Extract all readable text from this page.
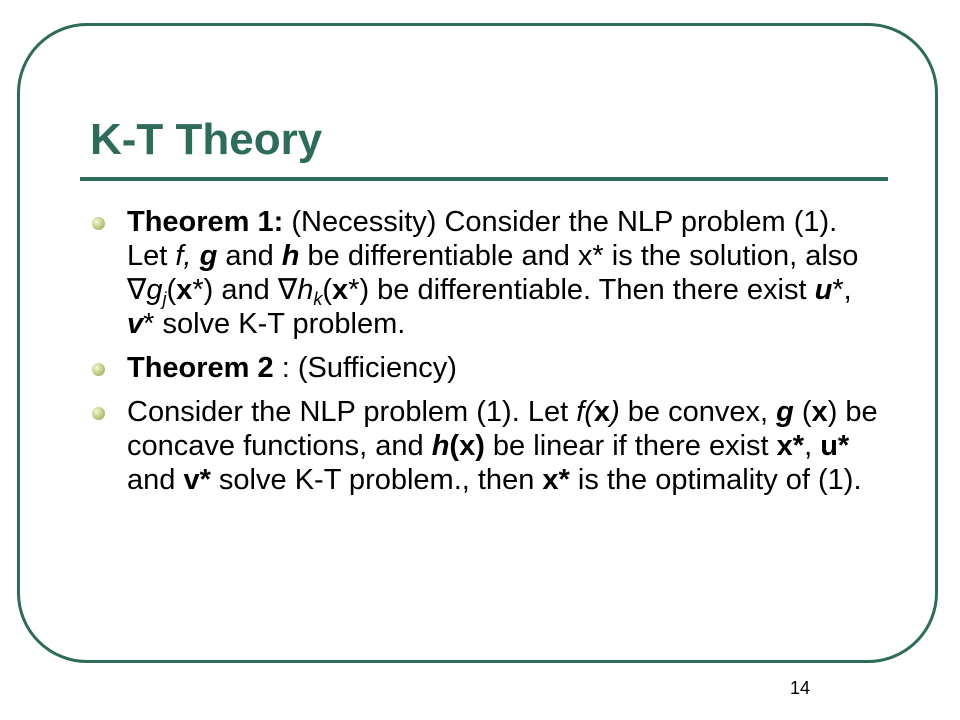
K-T Theory
Theorem 1: (Necessity) Consider the NLP problem (1). Let f, g and h be differentiable and x* is the solution, also $\nabla g_j(x*)$ and $\nabla h_k(x*)$ be differentiable. Then there exist u*, v* solve K-T problem.
Theorem 2 : (Sufficiency)
Consider the NLP problem (1). Let f(x) be convex, g (x) be concave functions, and h(x) be linear if there exist x*, u* and v* solve K-T problem., then x* is the optimality of (1).
14
